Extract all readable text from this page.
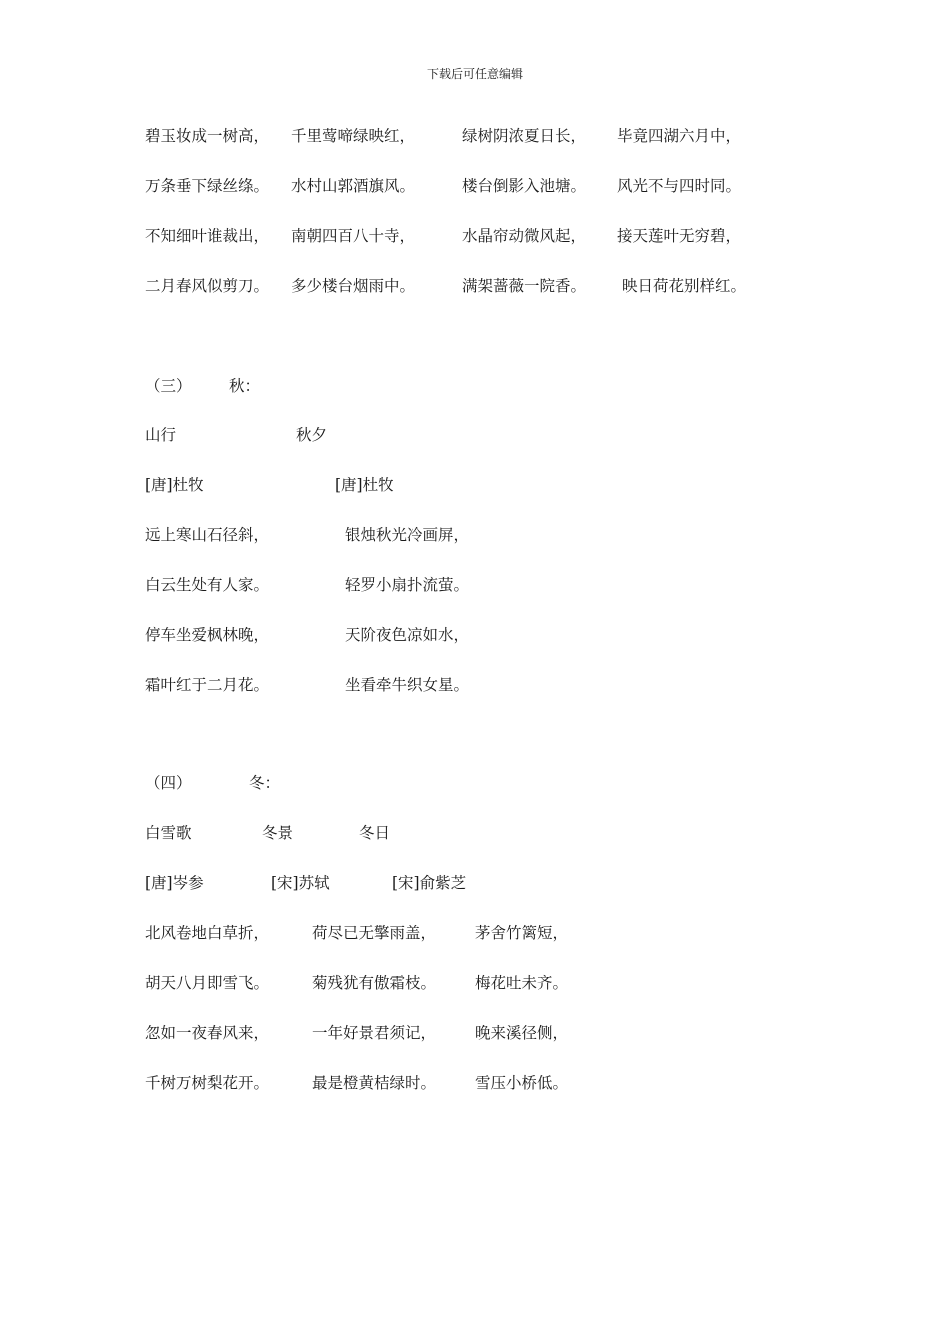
下载后可任意编辑
碧玉妆成一树高， 千里莺啼绿映红，	绿树阴浓夏日长， 毕竟四湖六月中，
万条垂下绿丝绦。 水村山郭酒旗风。	楼台倒影入池塘。 风光不与四时同。
不知细叶谁裁出， 南朝四百八十寺，	水晶帘动微风起， 接天莲叶无穷碧，
二月春风似剪刀。 多少楼台烟雨中。	满架蔷薇一院香。 映日荷花别样红。
（三） 秋：
山行	秋夕
[唐]杜牧	[唐]杜牧
远上寒山石径斜，	银烛秋光冷画屏，
白云生处有人家。	轻罗小扇扑流萤。
停车坐爱枫林晚，	天阶夜色凉如水，
霜叶红于二月花。	坐看牵牛织女星。
（四）	冬：
白雪歌	冬景	冬日
[唐]岑参	[宋]苏轼	[宋]俞紫芝
北风卷地白草折，	荷尽已无擎雨盖，	茅舍竹篱短，
胡天八月即雪飞。	菊残犹有傲霜枝。	梅花吐未齐。
忽如一夜春风来，	一年好景君须记，	晚来溪径侧，
千树万树梨花开。	最是橙黄桔绿时。	雪压小桥低。
